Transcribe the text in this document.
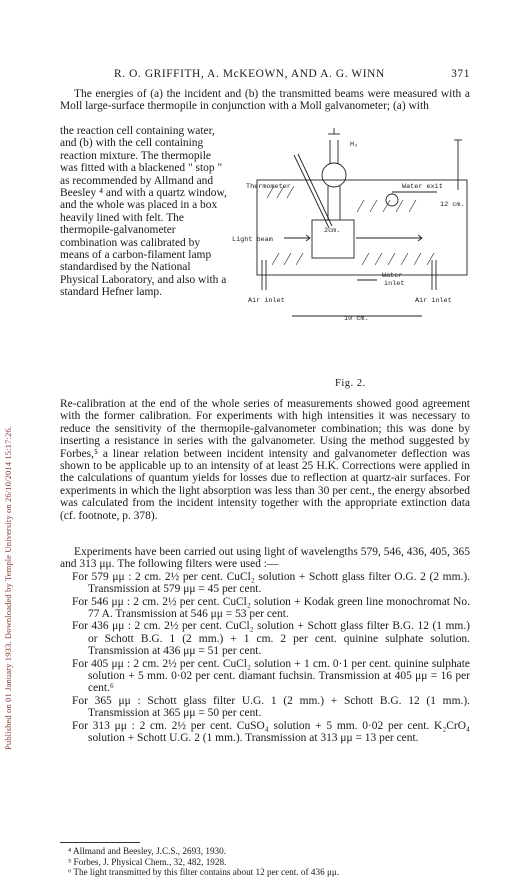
Published on 01 January 1933. Downloaded by Temple University on 26/10/2014 15:17:26.
R. O. GRIFFITH, A. McKEOWN, AND A. G. WINN	371
The energies of (a) the incident and (b) the transmitted beams were measured with a Moll large-surface thermopile in conjunction with a Moll galvanometer; (a) with
the reaction cell containing water, and (b) with the cell containing reaction mixture. The thermopile was fitted with a blackened " stop " as recommended by Allmand and Beesley ⁴ and with a quartz window, and the whole was placed in a box heavily lined with felt. The thermopile-galvanometer combination was calibrated by means of a carbon-filament lamp standardised by the National Physical Laboratory, and also with a standard Hefner lamp.
H₂
Thermometer	Water exit
12 cm.
Light beam
2cm.
Water
inlet
Air inlet	Air inlet
10 cm.
Fig. 2.
Re-calibration at the end of the whole series of measurements showed good agreement with the former calibration. For experiments with high intensities it was necessary to reduce the sensitivity of the thermopile-galvanometer combination; this was done by inserting a resistance in series with the galvanometer. Using the method suggested by Forbes,⁵ a linear relation between incident intensity and galvanometer deflection was shown to be applicable up to an intensity of at least 25 H.K. Corrections were applied in the calculations of quantum yields for losses due to reflection at quartz-air surfaces. For experiments in which the light absorption was less than 30 per cent., the energy absorbed was calculated from the incident intensity together with the appropriate extinction data (cf. footnote, p. 378).
Experiments have been carried out using light of wavelengths 579, 546, 436, 405, 365 and 313 μμ. The following filters were used :—
For 579 μμ : 2 cm. 2½ per cent. CuCl₂ solution + Schott glass filter O.G. 2 (2 mm.). Transmission at 579 μμ = 45 per cent.
For 546 μμ : 2 cm. 2½ per cent. CuCl₂ solution + Kodak green line monochromat No. 77 A. Transmission at 546 μμ = 53 per cent.
For 436 μμ : 2 cm. 2½ per cent. CuCl₂ solution + Schott glass filter B.G. 12 (1 mm.) or Schott B.G. 1 (2 mm.) + 1 cm. 2 per cent. quinine sulphate solution. Transmission at 436 μμ = 51 per cent.
For 405 μμ : 2 cm. 2½ per cent. CuCl₂ solution + 1 cm. 0·1 per cent. quinine sulphate solution + 5 mm. 0·02 per cent. diamant fuchsin. Transmission at 405 μμ = 16 per cent.⁶
For 365 μμ : Schott glass filter U.G. 1 (2 mm.) + Schott B.G. 12 (1 mm.). Transmission at 365 μμ = 50 per cent.
For 313 μμ : 2 cm. 2½ per cent. CuSO₄ solution + 5 mm. 0·02 per cent. K₂CrO₄ solution + Schott U.G. 2 (1 mm.). Transmission at 313 μμ = 13 per cent.
⁴ Allmand and Beesley, J.C.S., 2693, 1930.
⁵ Forbes, J. Physical Chem., 32, 482, 1928.
⁶ The light transmitted by this filter contains about 12 per cent. of 436 μμ.
